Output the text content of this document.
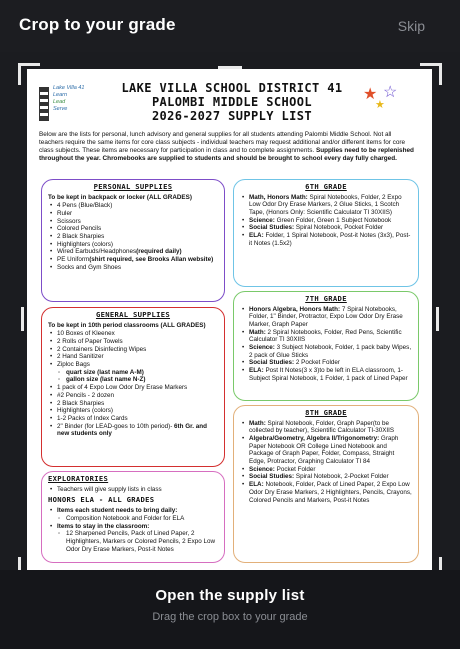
Crop to your grade	Skip
Lake Villa 41
Learn
Lead
Serve
LAKE VILLA SCHOOL DISTRICT 41
PALOMBI MIDDLE SCHOOL
2026-2027 SUPPLY LIST
★ ☆
★
Below are the lists for personal, lunch advisory and general supplies for all students attending Palombi Middle School. Not all teachers require the same items for core class subjects - individual teachers may request additional and/or different items for core class subjects. These items are necessary for participation in class and to complete assignments. Supplies need to be replenished throughout the year. Chromebooks are supplied to students and should be brought to school every day fully charged.
PERSONAL SUPPLIES
To be kept in backpack or locker (ALL GRADES)
• 4 Pens (Blue/Black)
• Ruler
• Scissors
• Colored Pencils
• 2 Black Sharpies
• Highlighters (colors)
• Wired Earbuds/Headphones(required daily)
• PE Uniform(shirt required, see Brooks Allan website)
• Socks and Gym Shoes
GENERAL SUPPLIES
To be kept in 10th period classrooms (ALL GRADES)
• 10 Boxes of Kleenex
• 2 Rolls of Paper Towels
• 2 Containers Disinfecting Wipes
• 2 Hand Sanitizer
• Ziploc Bags
◦ quart size (last name A-M)
◦ gallon size (last name N-Z)
• 1 pack of 4 Expo Low Odor Dry Erase Markers
• #2 Pencils - 2 dozen
• 2 Black Sharpies
• Highlighters (colors)
• 1-2 Packs of Index Cards
• 2" Binder (for LEAD-goes to 10th period)- 6th Gr. and new students only
EXPLORATORIES
• Teachers will give supply lists in class
HONORS ELA - ALL GRADES
• Items each student needs to bring daily:
◦ Composition Notebook and Folder for ELA
• Items to stay in the classroom:
◦ 12 Sharpened Pencils, Pack of Lined Paper, 2 Highlighters, Markers or Colored Pencils, 2 Expo Low Odor Dry Erase Markers, Post-it Notes
6TH GRADE
• Math, Honors Math: Spiral Notebooks, Folder, 2 Expo Low Odor Dry Erase Markers, 2 Glue Sticks, 1 Scotch Tape, (Honors Only: Scientific Calculator TI 30XIIS)
• Science: Green Folder, Green 1 Subject Notebook
• Social Studies: Spiral Notebook, Pocket Folder
• ELA: Folder, 1 Spiral Notebook, Post-it Notes (3x3), Post-it Notes (1.5x2)
7TH GRADE
• Honors Algebra, Honors Math: 7 Spiral Notebooks, Folder, 1" Binder, Protractor, Expo Low Odor Dry Erase Marker, Graph Paper
• Math: 2 Spiral Notebooks, Folder, Red Pens, Scientific Calculator TI 30XIIS
• Science: 3 Subject Notebook, Folder, 1 pack baby Wipes, 2 pack of Glue Sticks
• Social Studies: 2 Pocket Folder
• ELA: Post It Notes(3 x 3)to be left in ELA classroom, 1- Subject Spiral Notebook, 1 Folder, 1 pack of Lined Paper
8TH GRADE
• Math: Spiral Notebook, Folder, Graph Paper(to be collected by teacher), Scientific Calculator TI-30XIIS
• Algebra/Geometry, Algebra II/Trigonometry: Graph Paper Notebook OR College Lined Notebook and Package of Graph Paper, Folder, Compass, Straight Edge, Protractor, Graphing Calculator TI 84
• Science: Pocket Folder
• Social Studies: Spiral Notebook, 2-Pocket Folder
• ELA: Notebook, Folder, Pack of Lined Paper, 2 Expo Low Odor Dry Erase Markers, 2 Highlighters, Pencils, Crayons, Colored Pencils and Markers, Post-it Notes
Open the supply list
Drag the crop box to your grade
